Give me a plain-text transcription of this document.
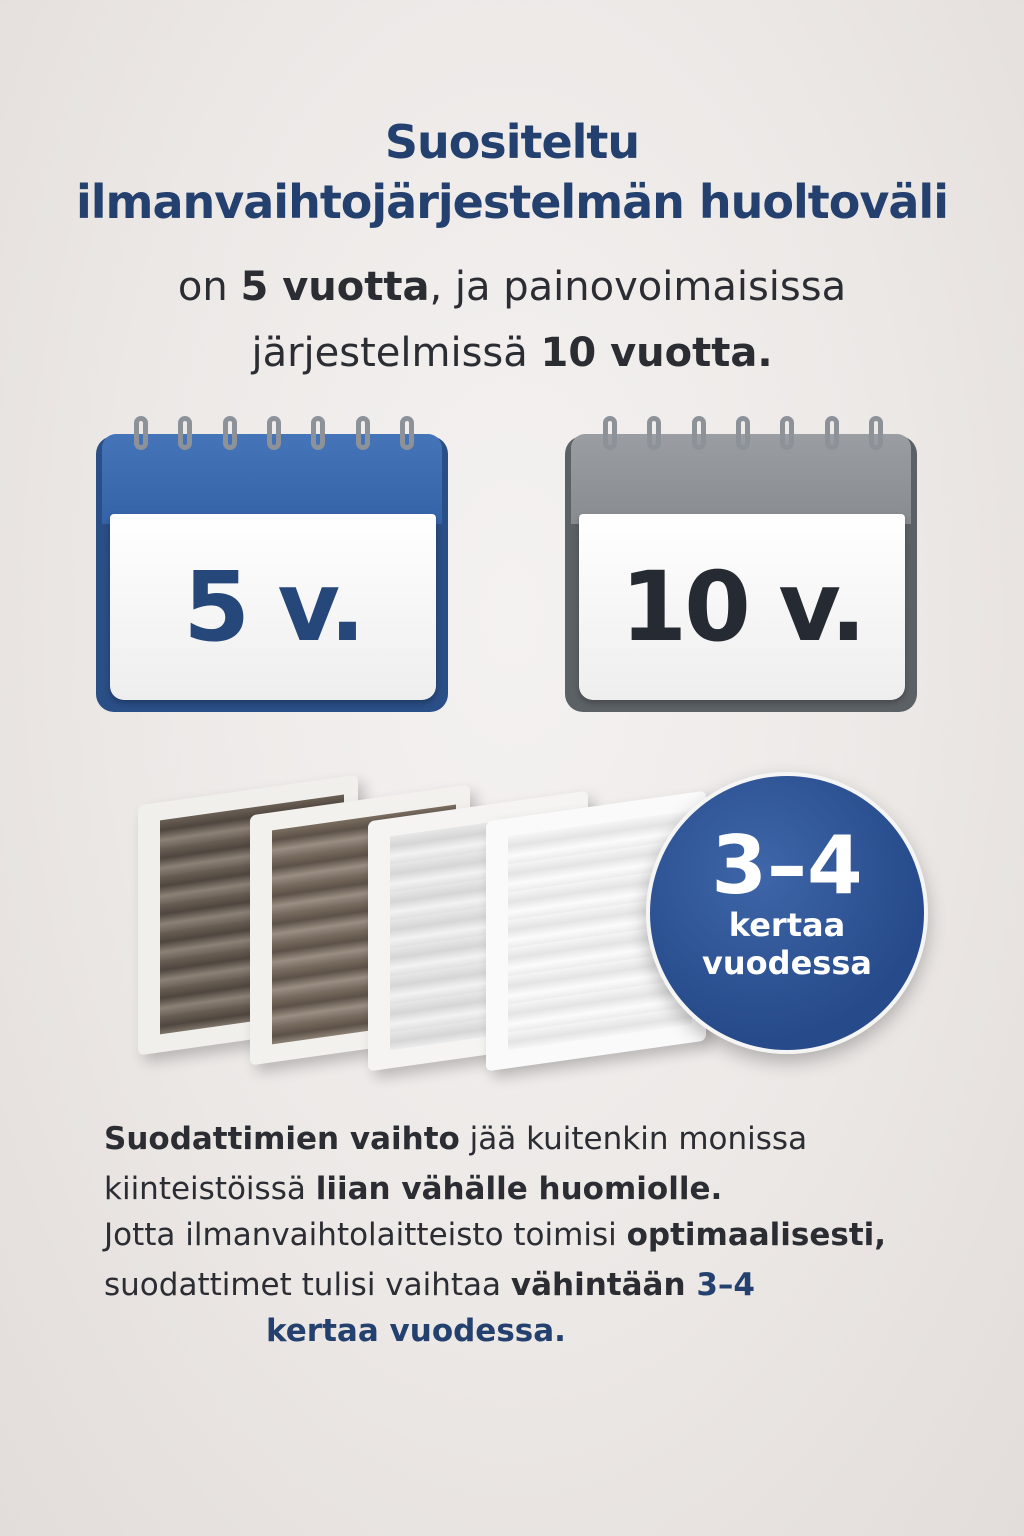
Suositeltu
ilmanvaihtojärjestelmän huoltoväli
on 5 vuotta, ja painovoimaisissa
järjestelmissä 10 vuotta.
5 v.	10 v.
3–4
kertaa
vuodessa
Suodattimien vaihto jää kuitenkin monissa
kiinteistöissä liian vähälle huomiolle.
Jotta ilmanvaihtolaitteisto toimisi optimaalisesti,
suodattimet tulisi vaihtaa vähintään 3–4
kertaa vuodessa.
